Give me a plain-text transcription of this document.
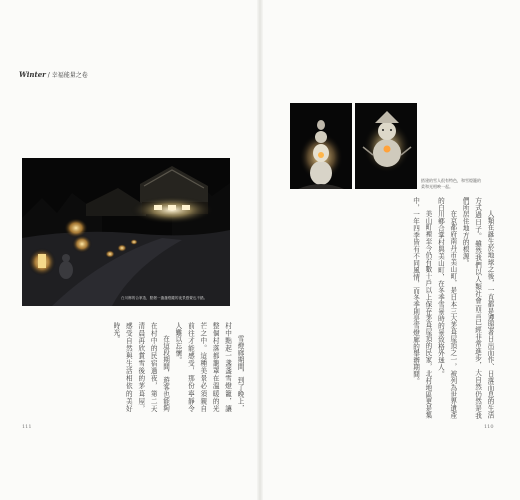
Winter / 幸福能量之卷
白川鄉的合掌造，點燃一盞盞燈籠的夜景感覺也不錯。

雪燈廊期間，到了晚上，村中點起一盞盞雪燈籠，讓整個村落都籠罩在溫暖的光芒之中。這種美景必須親自前往才能感受，那份寧靜令人難以忘懷。

在這段期間，遊客也能夠在村中的民宿過夜，第二天清晨再欣賞雪後的茅葺屋，感受自然與生活相依的美好時光。

搭建的雪人很有特色，和雪燈籠的柔和光相映一起。

人類在誕生於地球之後，一直都是遵照著日出而作、日落而息的生活方式過日子。雖然我們以人類社會而言已經非常進步，大自然仍然是我們所居住地方的根源。

在京都府南丹市美山町，是日本三大茅葺屋頂之一，被列為世界遺產的白川鄉合掌村與美山町，在冬季雪景時的景致格外迷人。

美山町裡至今仍有數十戶以上保存茅葺屋頂的民家，北村地區更是集中，一年四季皆有不同風情，而冬季則是雪燈廊的舉辦期間。

111	110
